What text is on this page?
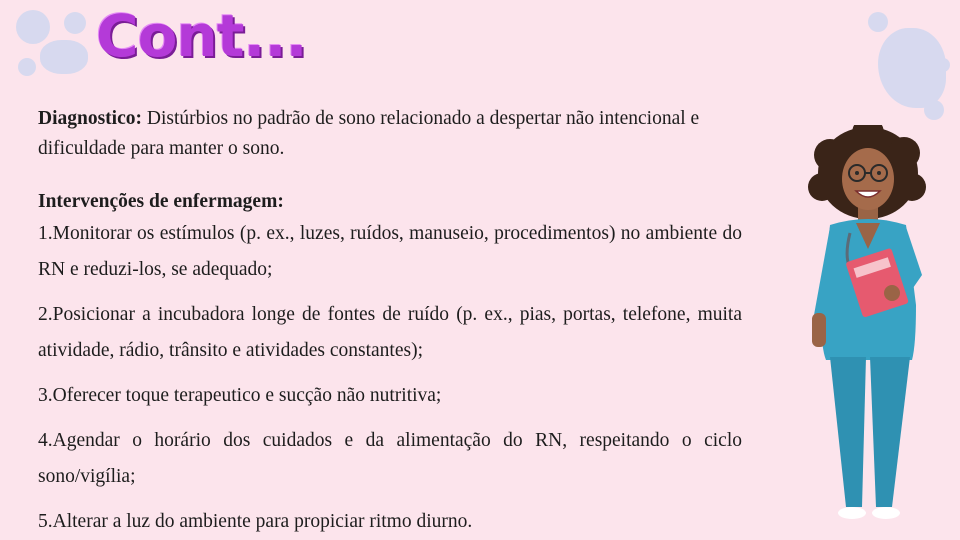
Cont...

Diagnostico: Distúrbios no padrão de sono relacionado a despertar não intencional e dificuldade para manter o sono.

Intervenções de enfermagem:

1.Monitorar os estímulos (p. ex., luzes, ruídos, manuseio, procedimentos) no ambiente do RN e reduzi-los, se adequado;

2.Posicionar a incubadora longe de fontes de ruído (p. ex., pias, portas, telefone, muita atividade, rádio, trânsito e atividades constantes);

3.Oferecer toque terapeutico e sucção não nutritiva;

4.Agendar o horário dos cuidados e da alimentação do RN, respeitando o ciclo sono/vigília;

5.Alterar a luz do ambiente para propiciar ritmo diurno.
